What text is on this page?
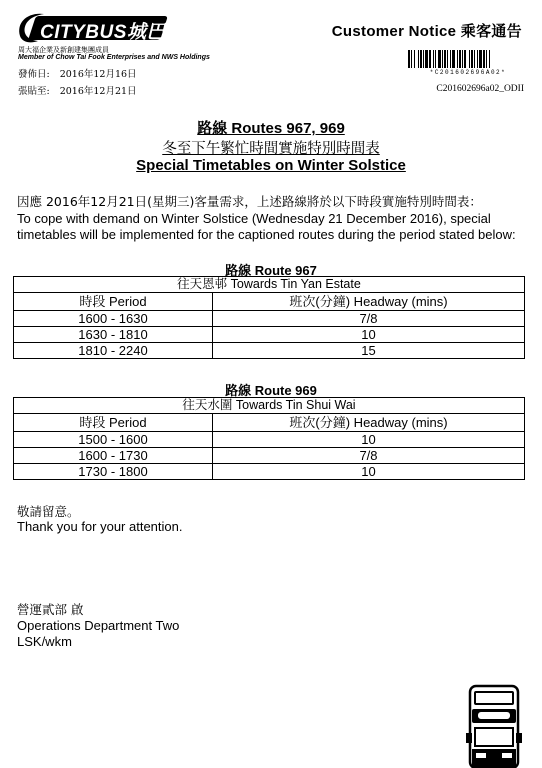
CITYBUS城巴
周大福企業及新創建集團成員
Member of Chow Tai Fook Enterprises and NWS Holdings
發佈日: 2016年12月16日
張貼至: 2016年12月21日
Customer Notice 乘客通告
*C201602696A02*
C201602696a02_ODII
路線 Routes 967, 969
冬至下午繁忙時間實施特別時間表
Special Timetables on Winter Solstice
因應 2016年12月21日(星期三)客量需求，上述路線將於以下時段實施特別時間表：
To cope with demand on Winter Solstice (Wednesday 21 December 2016), special timetables will be implemented for the captioned routes during the period stated below:
路線 Route 967
往天恩邨 Towards Tin Yan Estate	
時段 Period	班次(分鐘) Headway (mins)
1600 - 1630	7/8
1630 - 1810	10
1810 - 2240	15
路線 Route 969
往天水圍 Towards Tin Shui Wai	
時段 Period	班次(分鐘) Headway (mins)
1500 - 1600	10
1600 - 1730	7/8
1730 - 1800	10
敬請留意。
Thank you for your attention.
營運貳部 啟
Operations Department Two
LSK/wkm
